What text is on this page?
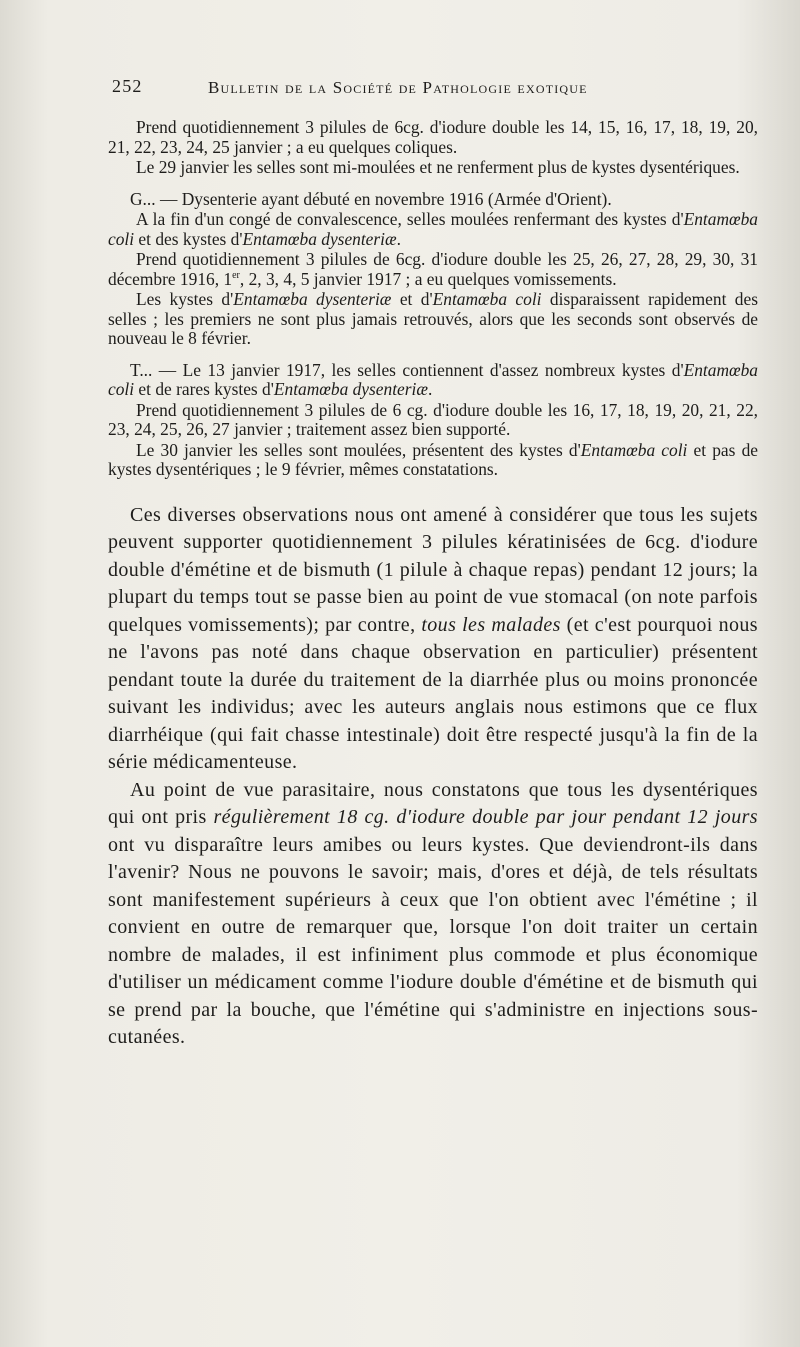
252	Bulletin de la Société de Pathologie exotique

Prend quotidiennement 3 pilules de 6cg. d'iodure double les 14, 15, 16, 17, 18, 19, 20, 21, 22, 23, 24, 25 janvier ; a eu quelques coliques.

Le 29 janvier les selles sont mi-moulées et ne renferment plus de kystes dysentériques.

G... — Dysenterie ayant débuté en novembre 1916 (Armée d'Orient).

A la fin d'un congé de convalescence, selles moulées renfermant des kystes d'Entamœba coli et des kystes d'Entamœba dysenteriæ.

Prend quotidiennement 3 pilules de 6cg. d'iodure double les 25, 26, 27, 28, 29, 30, 31 décembre 1916, 1er, 2, 3, 4, 5 janvier 1917 ; a eu quelques vomissements.

Les kystes d'Entamœba dysenteriæ et d'Entamœba coli disparaissent rapidement des selles ; les premiers ne sont plus jamais retrouvés, alors que les seconds sont observés de nouveau le 8 février.

T... — Le 13 janvier 1917, les selles contiennent d'assez nombreux kystes d'Entamœba coli et de rares kystes d'Entamœba dysenteriæ.

Prend quotidiennement 3 pilules de 6 cg. d'iodure double les 16, 17, 18, 19, 20, 21, 22, 23, 24, 25, 26, 27 janvier ; traitement assez bien supporté.

Le 30 janvier les selles sont moulées, présentent des kystes d'Entamœba coli et pas de kystes dysentériques ; le 9 février, mêmes constatations.

Ces diverses observations nous ont amené à considérer que tous les sujets peuvent supporter quotidiennement 3 pilules kératinisées de 6cg. d'iodure double d'émétine et de bismuth (1 pilule à chaque repas) pendant 12 jours; la plupart du temps tout se passe bien au point de vue stomacal (on note parfois quelques vomissements); par contre, tous les malades (et c'est pourquoi nous ne l'avons pas noté dans chaque observation en particulier) présentent pendant toute la durée du traitement de la diarrhée plus ou moins prononcée suivant les individus; avec les auteurs anglais nous estimons que ce flux diarrhéique (qui fait chasse intestinale) doit être respecté jusqu'à la fin de la série médicamenteuse.

Au point de vue parasitaire, nous constatons que tous les dysentériques qui ont pris régulièrement 18 cg. d'iodure double par jour pendant 12 jours ont vu disparaître leurs amibes ou leurs kystes. Que deviendront-ils dans l'avenir? Nous ne pouvons le savoir; mais, d'ores et déjà, de tels résultats sont manifestement supérieurs à ceux que l'on obtient avec l'émétine ; il convient en outre de remarquer que, lorsque l'on doit traiter un certain nombre de malades, il est infiniment plus commode et plus économique d'utiliser un médicament comme l'iodure double d'émétine et de bismuth qui se prend par la bouche, que l'émétine qui s'administre en injections sous-cutanées.
